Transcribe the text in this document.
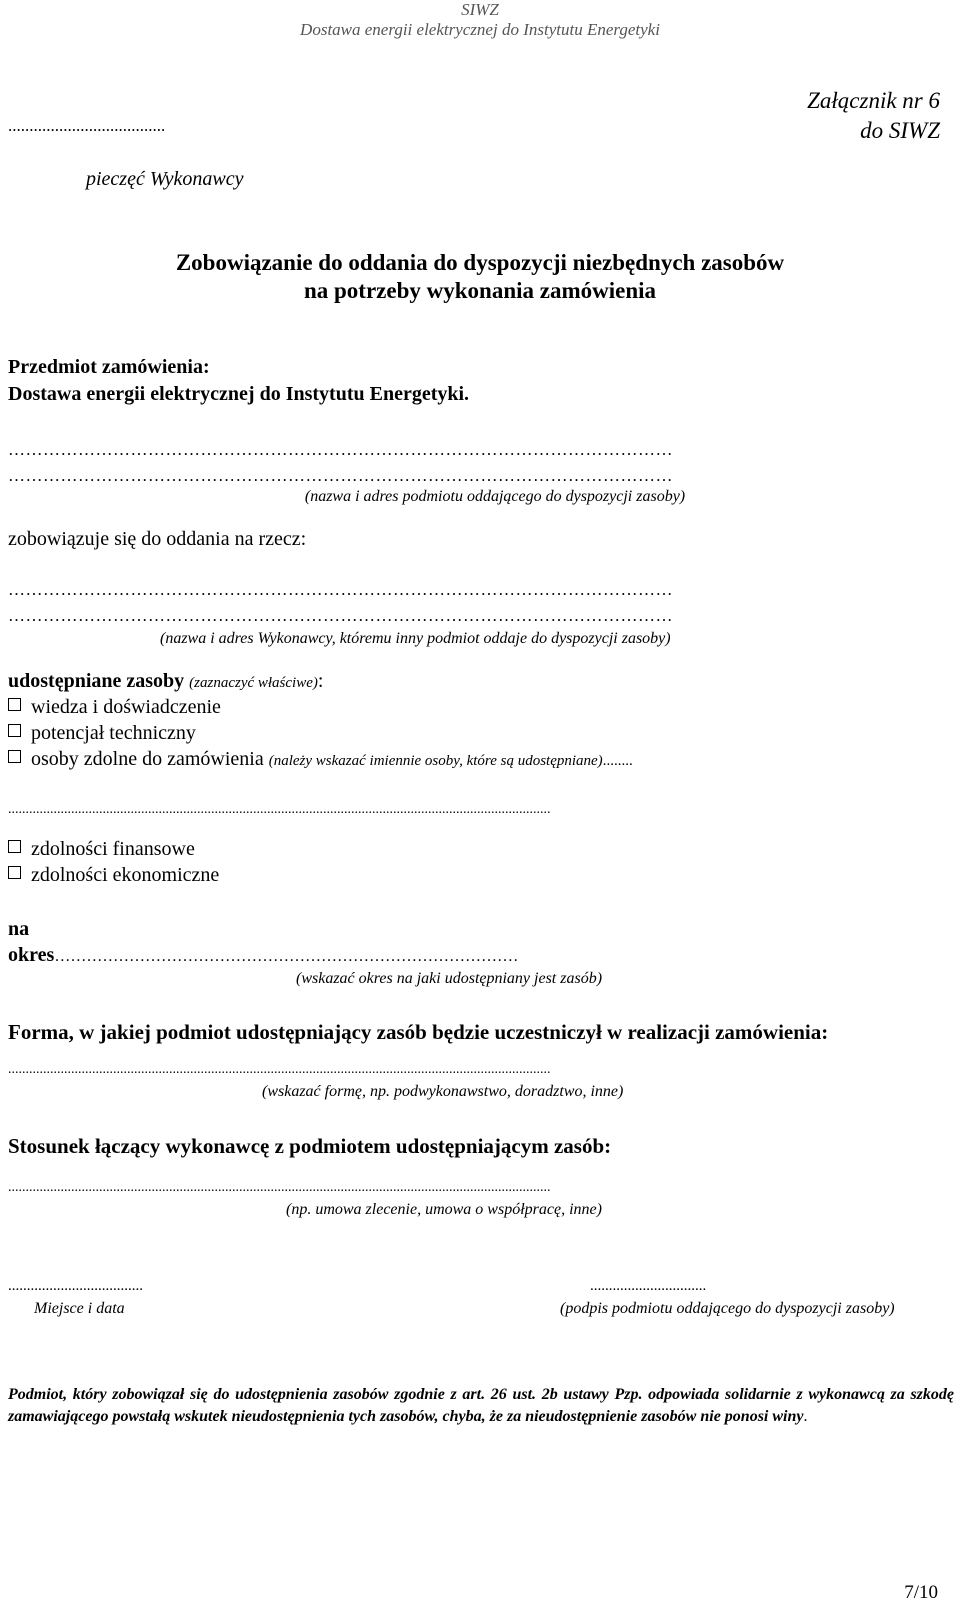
SIWZ
Dostawa energii elektrycznej do Instytutu Energetyki
Załącznik nr 6
do SIWZ
.....................................
pieczęć Wykonawcy
Zobowiązanie do oddania do dyspozycji niezbędnych zasobów
na potrzeby wykonania zamówienia
Przedmiot zamówienia:
Dostawa energii elektrycznej do Instytutu Energetyki.
……………………………………………………………………………………………………
……………………………………………………………………………………………………
(nazwa i adres podmiotu oddającego do dyspozycji zasoby)
zobowiązuje się do oddania na rzecz:
……………………………………………………………………………………………………
……………………………………………………………………………………………………
(nazwa i adres Wykonawcy, któremu inny podmiot oddaje do dyspozycji zasoby)
udostępniane zasoby (zaznaczyć właściwe):
wiedza i doświadczenie
potencjał techniczny
osoby zdolne do zamówienia (należy wskazać imiennie osoby, które są udostępniane)........
...........................................................................................................................................................
zdolności finansowe
zdolności ekonomiczne
na
okres……………………………………………………………………………
(wskazać okres na jaki udostępniany jest zasób)
Forma, w jakiej podmiot udostępniający zasób będzie uczestniczył w realizacji zamówienia:
...........................................................................................................................................................
(wskazać formę, np. podwykonawstwo, doradztwo, inne)
Stosunek łączący wykonawcę z podmiotem udostępniającym zasób:
...........................................................................................................................................................
(np. umowa zlecenie, umowa o współpracę, inne)
....................................
Miejsce i data
...............................
(podpis podmiotu oddającego do dyspozycji zasoby)
Podmiot, który zobowiązał się do udostępnienia zasobów zgodnie z art. 26 ust. 2b ustawy Pzp. odpowiada solidarnie z wykonawcą za szkodę zamawiającego powstałą wskutek nieudostępnienia tych zasobów, chyba, że za nieudostępnienie zasobów nie ponosi winy.
7/10
